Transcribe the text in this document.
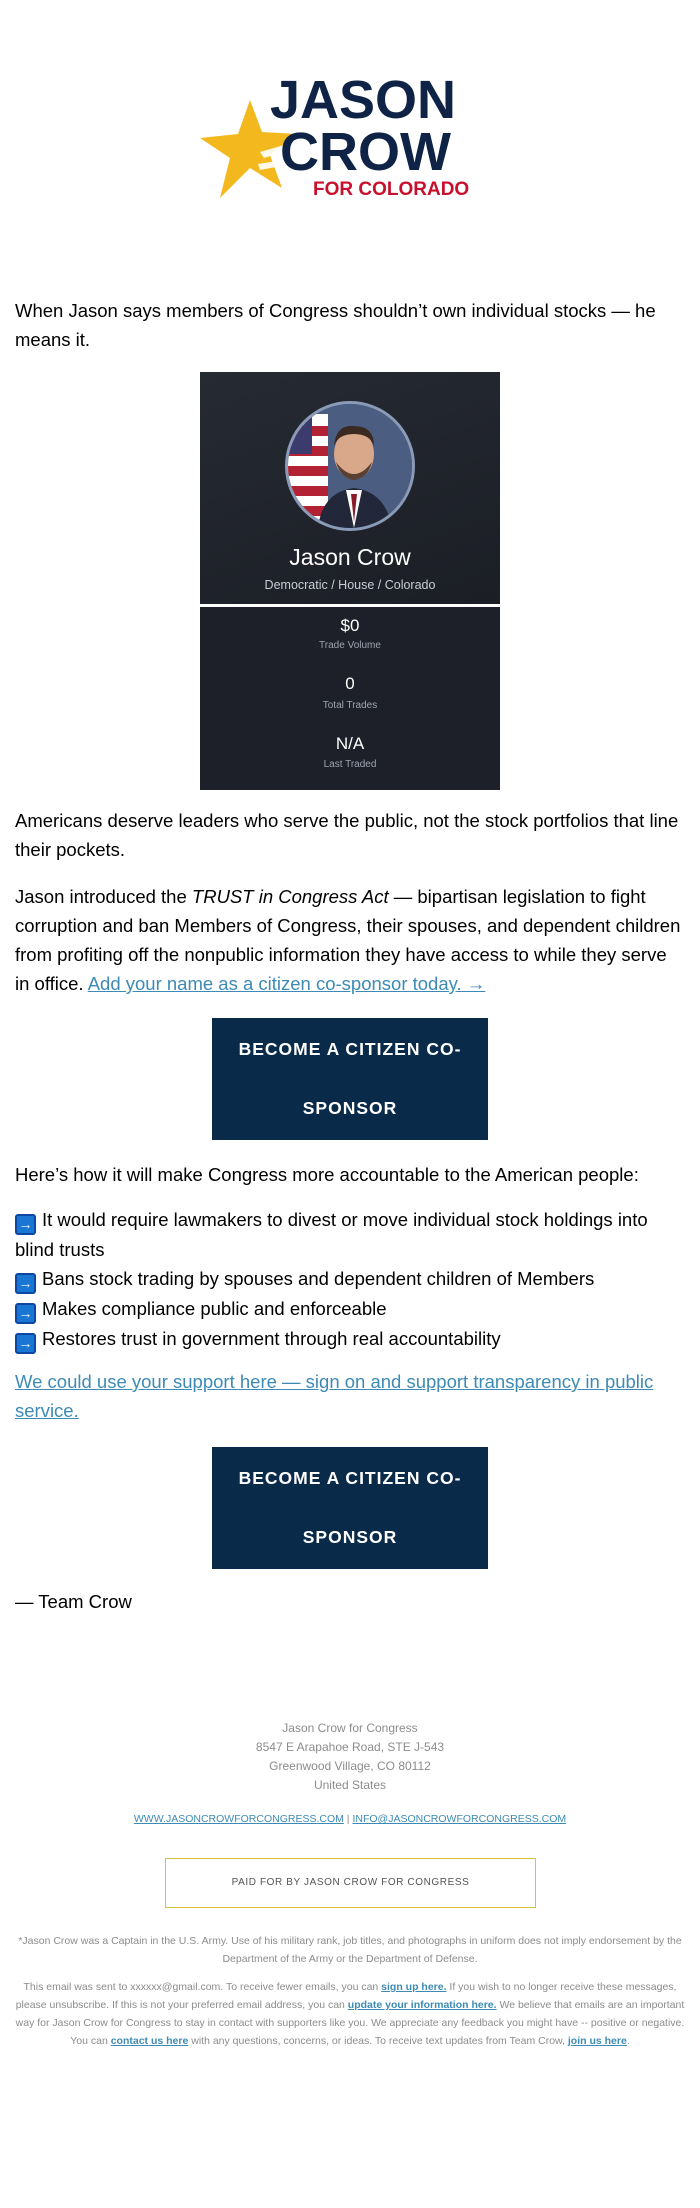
JASON
CROW
FOR COLORADO
When Jason says members of Congress shouldn’t own individual stocks — he means it.
Jason Crow
Democratic / House / Colorado
$0
Trade Volume
0
Total Trades
N/A
Last Traded
Americans deserve leaders who serve the public, not the stock portfolios that line their pockets.
Jason introduced the TRUST in Congress Act — bipartisan legislation to fight corruption and ban Members of Congress, their spouses, and dependent children from profiting off the nonpublic information they have access to while they serve in office. Add your name as a citizen co-sponsor today. →
BECOME A CITIZEN CO-
SPONSOR
Here’s how it will make Congress more accountable to the American people:
→ It would require lawmakers to divest or move individual stock holdings into blind trusts
→ Bans stock trading by spouses and dependent children of Members
→ Makes compliance public and enforceable
→ Restores trust in government through real accountability
We could use your support here — sign on and support transparency in public service.
BECOME A CITIZEN CO-
SPONSOR
— Team Crow
Jason Crow for Congress
8547 E Arapahoe Road, STE J-543
Greenwood Village, CO 80112
United States
WWW.JASONCROWFORCONGRESS.COM | INFO@JASONCROWFORCONGRESS.COM
PAID FOR BY JASON CROW FOR CONGRESS
*Jason Crow was a Captain in the U.S. Army. Use of his military rank, job titles, and photographs in uniform does not imply endorsement by the Department of the Army or the Department of Defense.
This email was sent to xxxxxx@gmail.com. To receive fewer emails, you can sign up here. If you wish to no longer receive these messages, please unsubscribe. If this is not your preferred email address, you can update your information here. We believe that emails are an important way for Jason Crow for Congress to stay in contact with supporters like you. We appreciate any feedback you might have -- positive or negative. You can contact us here with any questions, concerns, or ideas. To receive text updates from Team Crow, join us here.
